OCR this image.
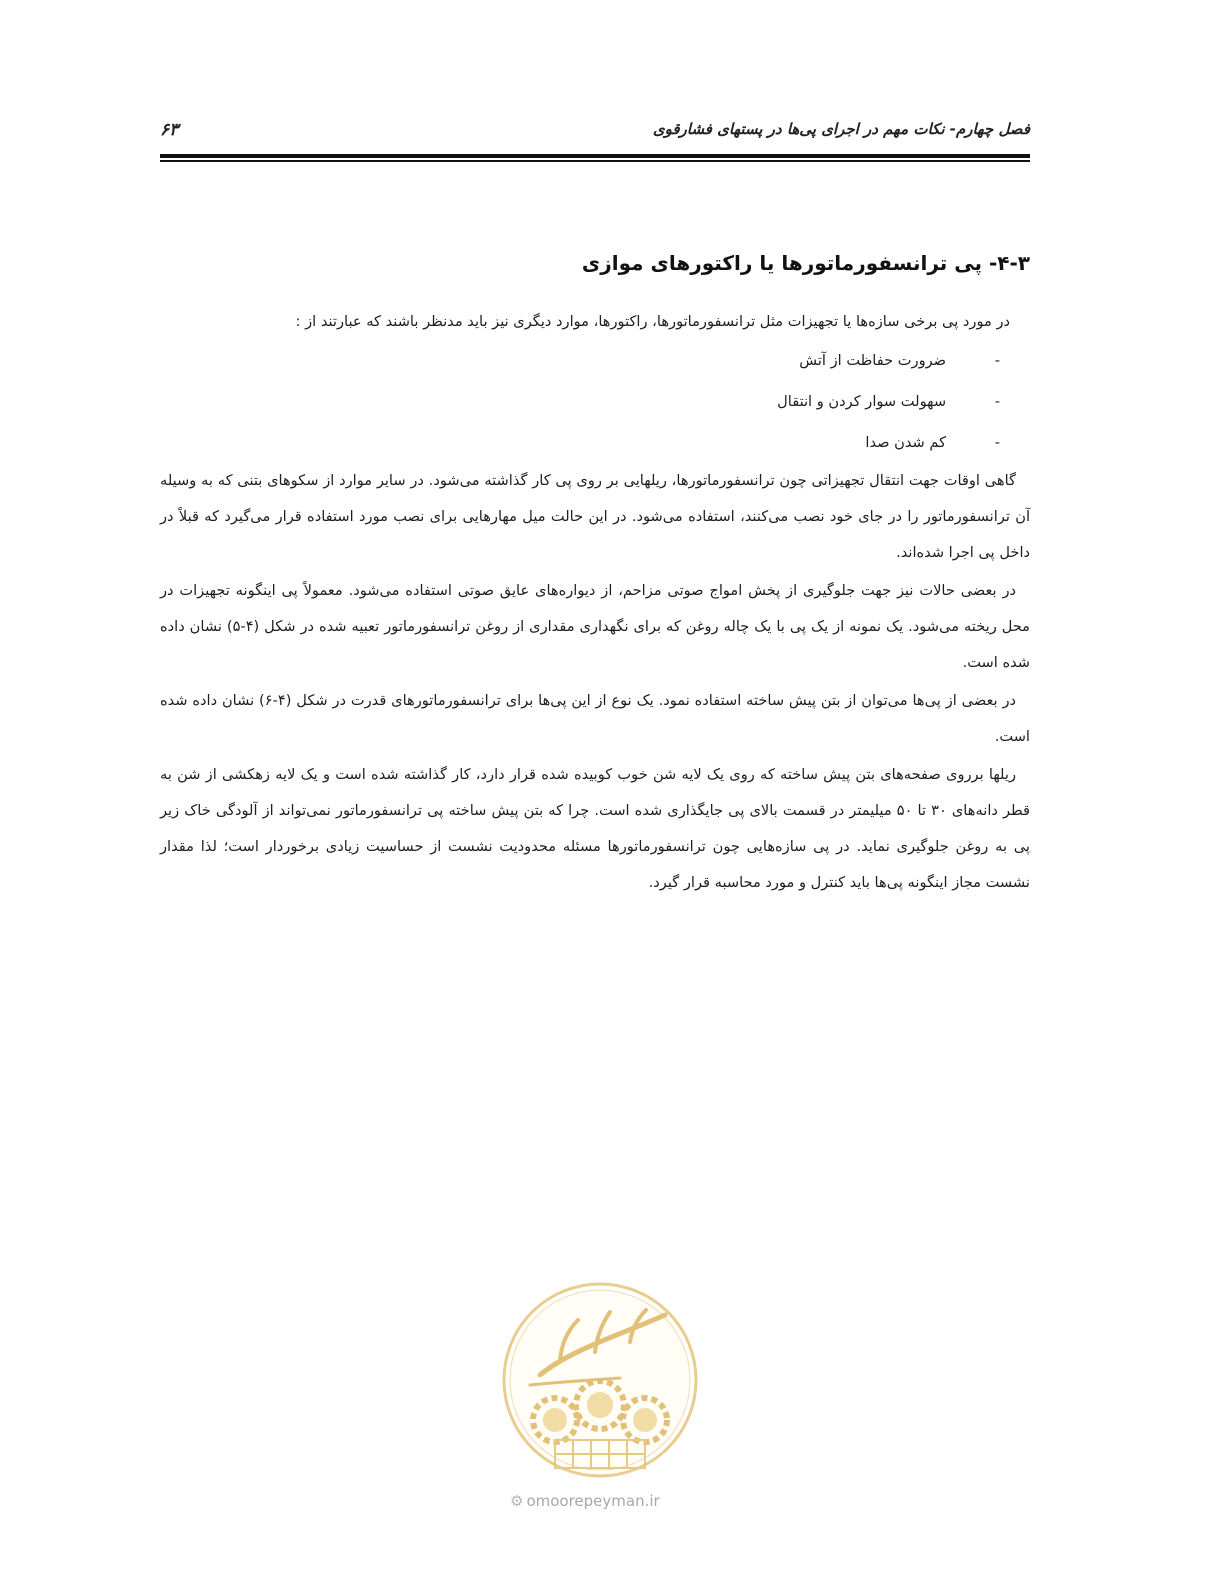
فصل چهارم- نکات مهم در اجرای پی‌ها در پستهای فشارقوی
۶۳
۴-۳- پی ترانسفورماتورها یا راکتورهای موازی

در مورد پی برخی سازه‌ها یا تجهیزات مثل ترانسفورماتورها، راکتورها، موارد دیگری نیز باید مدنظر باشند که عبارتند از :

-   ضرورت حفاظت از آتش
-   سهولت سوار کردن و انتقال
-   کم شدن صدا

گاهی اوقات جهت انتقال تجهیزاتی چون ترانسفورماتورها، ریلهایی بر روی پی کار گذاشته می‌شود. در سایر موارد از سکوهای بتنی که به وسیله آن ترانسفورماتور را در جای خود نصب می‌کنند، استفاده می‌شود. در این حالت میل مهارهایی برای نصب مورد استفاده قرار می‌گیرد که قبلاً در داخل پی اجرا شده‌اند.

در بعضی حالات نیز جهت جلوگیری از پخش امواج صوتی مزاحم، از دیواره‌های عایق صوتی استفاده می‌شود. معمولاً پی اینگونه تجهیزات در محل ریخته می‌شود. یک نمونه از یک پی با یک چاله روغن که برای نگهداری مقداری از روغن ترانسفورماتور تعبیه شده در شکل (۴-۵) نشان داده شده است.

در بعضی از پی‌ها می‌توان از بتن پیش ساخته استفاده نمود. یک نوع از این پی‌ها برای ترانسفورماتورهای قدرت در شکل (۴-۶) نشان داده شده است.

ریلها برروی صفحه‌های بتن پیش ساخته که روی یک لایه شن خوب کوبیده شده قرار دارد، کار گذاشته شده است و یک لایه زهکشی از شن به قطر دانه‌های ۳۰ تا ۵۰ میلیمتر در قسمت بالای پی جایگذاری شده است. چرا که بتن پیش ساخته پی ترانسفورماتور نمی‌تواند از آلودگی خاک زیر پی به روغن جلوگیری نماید. در پی سازه‌هایی چون ترانسفورماتورها مسئله محدودیت نشست از حساسیت زیادی برخوردار است؛ لذا مقدار نشست مجاز اینگونه پی‌ها باید کنترل و مورد محاسبه قرار گیرد.

⚙ omoorepeyman.ir
